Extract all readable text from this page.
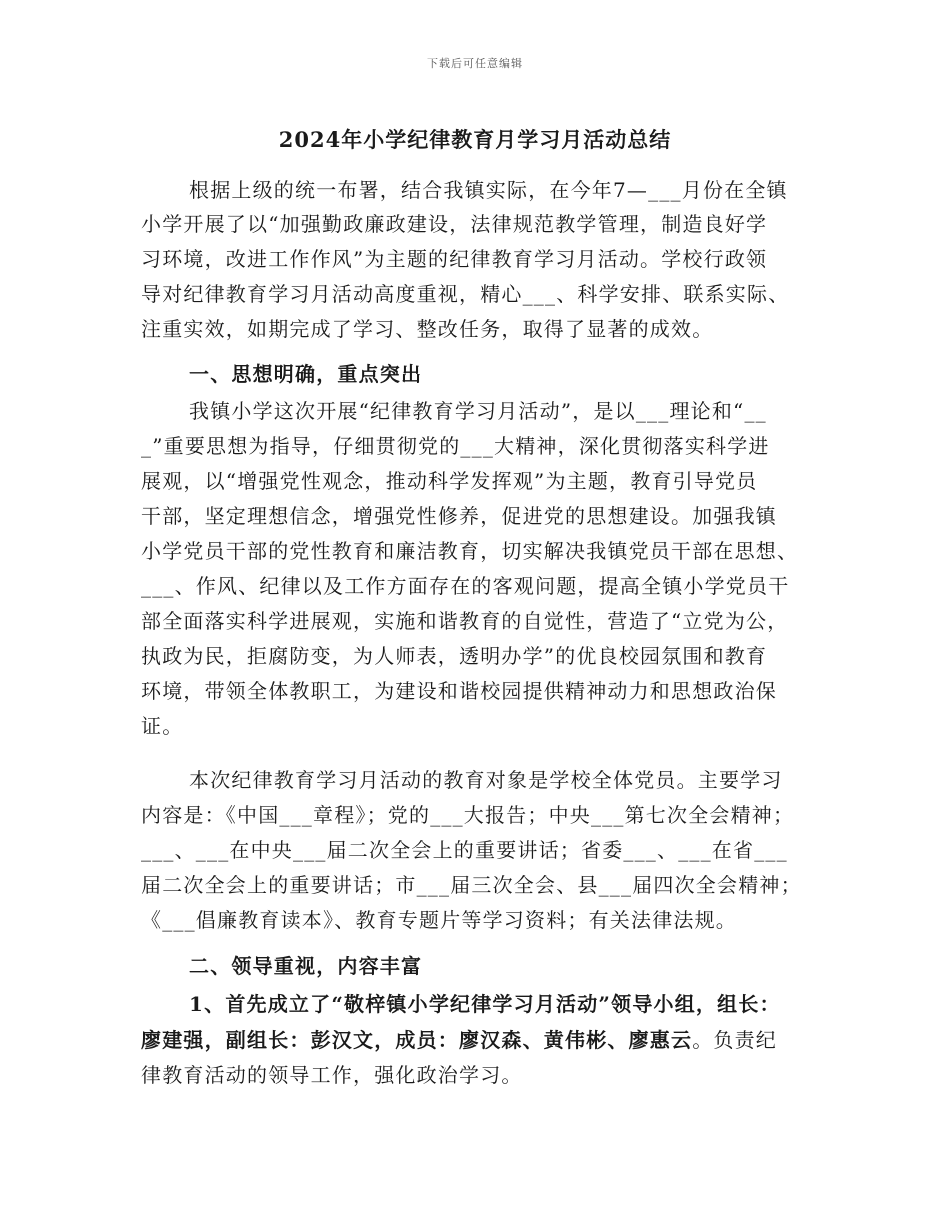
下载后可任意编辑
2024年小学纪律教育月学习月活动总结
根据上级的统一布署，结合我镇实际，在今年7—___月份在全镇
小学开展了以“加强勤政廉政建设，法律规范教学管理，制造良好学
习环境，改进工作作风”为主题的纪律教育学习月活动。学校行政领
导对纪律教育学习月活动高度重视，精心___、科学安排、联系实际、
注重实效，如期完成了学习、整改任务，取得了显著的成效。
一、思想明确，重点突出
我镇小学这次开展“纪律教育学习月活动”，是以___理论和“__
_”重要思想为指导，仔细贯彻党的___大精神，深化贯彻落实科学进
展观，以“增强党性观念，推动科学发挥观”为主题，教育引导党员
干部，坚定理想信念，增强党性修养，促进党的思想建设。加强我镇
小学党员干部的党性教育和廉洁教育，切实解决我镇党员干部在思想、
___、作风、纪律以及工作方面存在的客观问题，提高全镇小学党员干
部全面落实科学进展观，实施和谐教育的自觉性，营造了“立党为公，
执政为民，拒腐防变，为人师表，透明办学”的优良校园氛围和教育
环境，带领全体教职工，为建设和谐校园提供精神动力和思想政治保
证。
本次纪律教育学习月活动的教育对象是学校全体党员。主要学习
内容是：《中国___章程》；党的___大报告；中央___第七次全会精神；
___、___在中央___届二次全会上的重要讲话；省委___、___在省___
届二次全会上的重要讲话；市___届三次全会、县___届四次全会精神；
《___倡廉教育读本》、教育专题片等学习资料；有关法律法规。
二、领导重视，内容丰富
1、首先成立了“敬梓镇小学纪律学习月活动”领导小组，组长：
廖建强，副组长：彭汉文，成员：廖汉森、黄伟彬、廖惠云。负责纪
律教育活动的领导工作，强化政治学习。
